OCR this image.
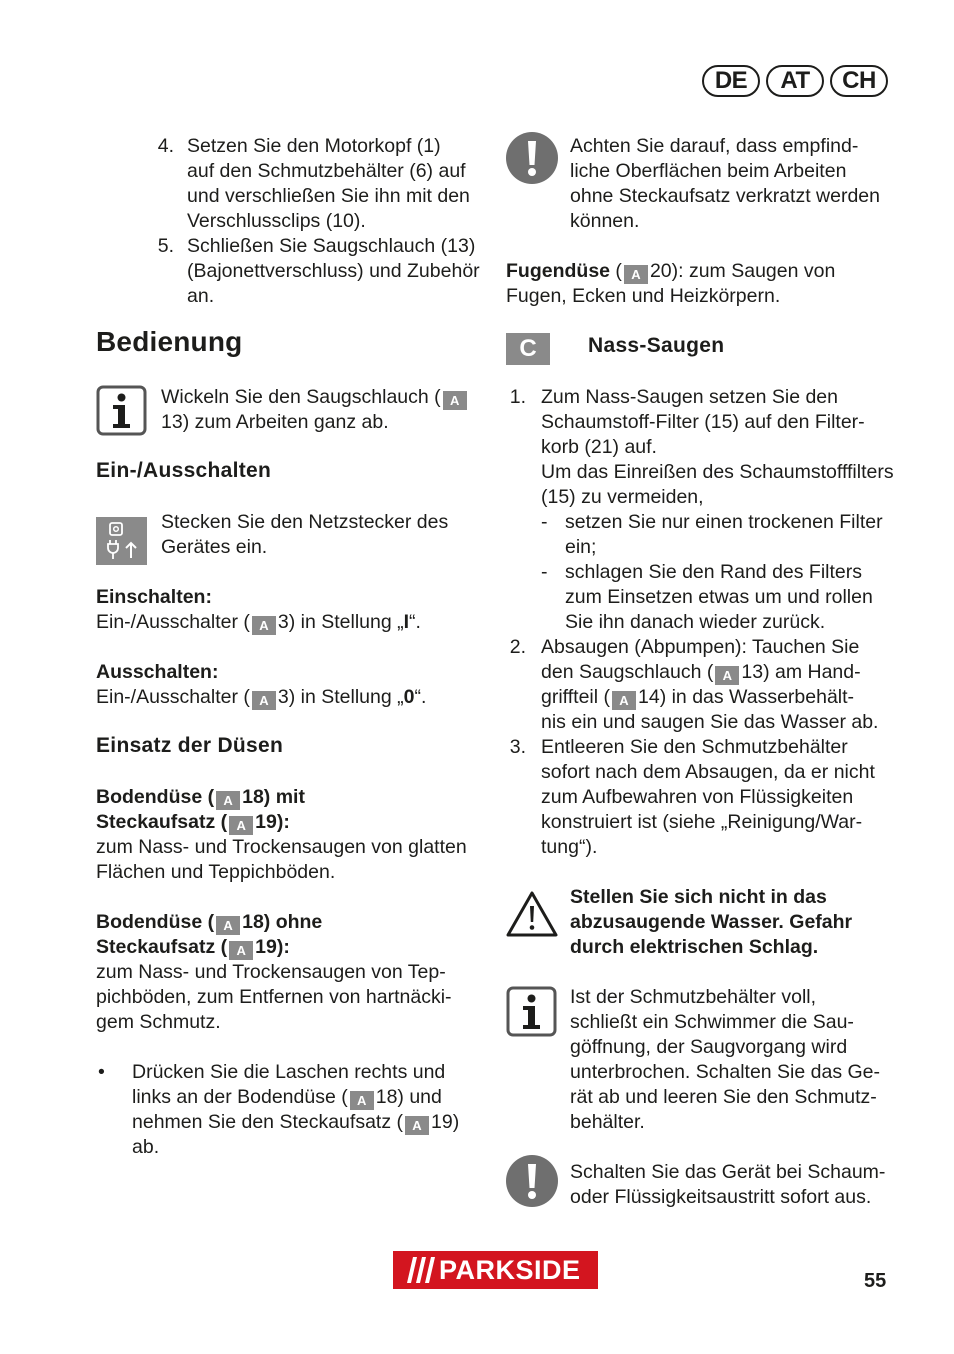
DE	AT	CH
4. Setzen Sie den Motorkopf (1)
auf den Schmutzbehälter (6) auf
und verschließen Sie ihn mit den
Verschlussclips (10).
5. Schließen Sie Saugschlauch (13)
(Bajonettverschluss) und Zubehör
an.
Bedienung
Wickeln Sie den Saugschlauch ( A
13) zum Arbeiten ganz ab.
Ein-/Ausschalten
Stecken Sie den Netzstecker des
Gerätes ein.
Einschalten:
Ein-/Ausschalter ( A 3) in Stellung „I“.
Ausschalten:
Ein-/Ausschalter ( A 3) in Stellung „0“.
Einsatz der Düsen
Bodendüse ( A 18) mit
Steckaufsatz ( A 19):
zum Nass- und Trockensaugen von glatten
Flächen und Teppichböden.
Bodendüse ( A 18) ohne
Steckaufsatz ( A 19):
zum Nass- und Trockensaugen von Tep-
pichböden, zum Entfernen von hartnäcki-
gem Schmutz.
• Drücken Sie die Laschen rechts und
links an der Bodendüse ( A 18) und
nehmen Sie den Steckaufsatz ( A 19)
ab.
Achten Sie darauf, dass empfind-
liche Oberflächen beim Arbeiten
ohne Steckaufsatz verkratzt werden
können.
Fugendüse ( A 20): zum Saugen von
Fugen, Ecken und Heizkörpern.
C	Nass-Saugen
1. Zum Nass-Saugen setzen Sie den
Schaumstoff-Filter (15) auf den Filter-
korb (21) auf.
Um das Einreißen des Schaumstofffilters
(15) zu vermeiden,
- setzen Sie nur einen trockenen Filter
ein;
- schlagen Sie den Rand des Filters
zum Einsetzen etwas um und rollen
Sie ihn danach wieder zurück.
2. Absaugen (Abpumpen): Tauchen Sie
den Saugschlauch ( A 13) am Hand-
griffteil ( A 14) in das Wasserbehält-
nis ein und saugen Sie das Wasser ab.
3. Entleeren Sie den Schmutzbehälter
sofort nach dem Absaugen, da er nicht
zum Aufbewahren von Flüssigkeiten
konstruiert ist (siehe „Reinigung/War-
tung“).
Stellen Sie sich nicht in das
abzusaugende Wasser. Gefahr
durch elektrischen Schlag.
Ist der Schmutzbehälter voll,
schließt ein Schwimmer die Sau-
göffnung, der Saugvorgang wird
unterbrochen. Schalten Sie das Ge-
rät ab und leeren Sie den Schmutz-
behälter.
Schalten Sie das Gerät bei Schaum-
oder Flüssigkeitsaustritt sofort aus.
PARKSIDE	55
